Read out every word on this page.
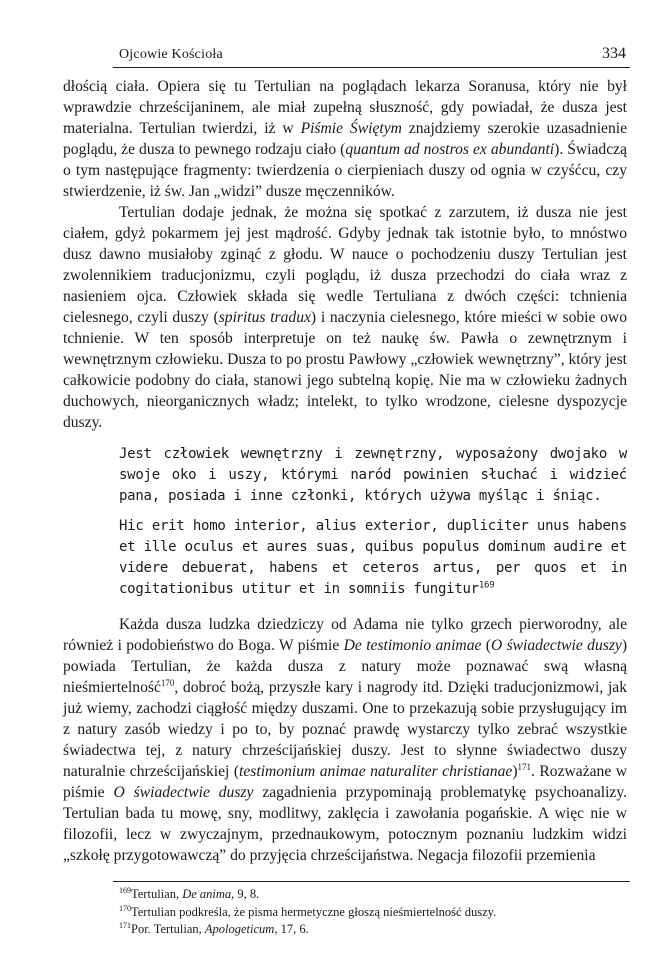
Ojcowie Kościoła	334

dłością ciała. Opiera się tu Tertulian na poglądach lekarza Soranusa, który nie był wprawdzie chrześcijaninem, ale miał zupełną słuszność, gdy powiadał, że dusza jest materialna. Tertulian twierdzi, iż w Piśmie Świętym znajdziemy szerokie uzasadnienie poglądu, że dusza to pewnego rodzaju ciało (quantum ad nostros ex abundanti). Świadczą o tym następujące fragmenty: twierdzenia o cierpieniach duszy od ognia w czyśćcu, czy stwierdzenie, iż św. Jan „widzi” dusze męczenników.

Tertulian dodaje jednak, że można się spotkać z zarzutem, iż dusza nie jest ciałem, gdyż pokarmem jej jest mądrość. Gdyby jednak tak istotnie było, to mnóstwo dusz dawno musiałoby zginąć z głodu. W nauce o pochodzeniu duszy Tertulian jest zwolennikiem traducjonizmu, czyli poglądu, iż dusza przechodzi do ciała wraz z nasieniem ojca. Człowiek składa się wedle Tertuliana z dwóch części: tchnienia cielesnego, czyli duszy (spiritus tradux) i naczynia cielesnego, które mieści w sobie owo tchnienie. W ten sposób interpretuje on też naukę św. Pawła o zewnętrznym i wewnętrznym człowieku. Dusza to po prostu Pawłowy „człowiek wewnętrzny”, który jest całkowicie podobny do ciała, stanowi jego subtelną kopię. Nie ma w człowieku żadnych duchowych, nieorganicznych władz; intelekt, to tylko wrodzone, cielesne dyspozycje duszy.

Jest człowiek wewnętrzny i zewnętrzny, wyposażony dwojako w swoje oko i uszy, którymi naród powinien słuchać i widzieć pana, posiada i inne członki, których używa myśląc i śniąc.

Hic erit homo interior, alius exterior, dupliciter unus habens et ille oculus et aures suas, quibus populus dominum audire et videre debuerat, habens et ceteros artus, per quos et in cogitationibus utitur et in somniis fungitur$^{169}$

Każda dusza ludzka dziedziczy od Adama nie tylko grzech pierworodny, ale również i podobieństwo do Boga. W piśmie De testimonio animae (O świadectwie duszy) powiada Tertulian, że każda dusza z natury może poznawać swą własną nieśmiertelność$^{170}$, dobroć bożą, przyszłe kary i nagrody itd. Dzięki traducjonizmowi, jak już wiemy, zachodzi ciągłość między duszami. One to przekazują sobie przysługujący im z natury zasób wiedzy i po to, by poznać prawdę wystarczy tylko zebrać wszystkie świadectwa tej, z natury chrześcijańskiej duszy. Jest to słynne świadectwo duszy naturalnie chrześcijańskiej (testimonium animae naturaliter christianae)$^{171}$. Rozważane w piśmie O świadectwie duszy zagadnienia przypominają problematykę psychoanalizy. Tertulian bada tu mowę, sny, modlitwy, zaklęcia i zawołania pogańskie. A więc nie w filozofii, lecz w zwyczajnym, przednaukowym, potocznym poznaniu ludzkim widzi „szkołę przygotowawczą” do przyjęcia chrześcijaństwa. Negacja filozofii przemienia

$^{169}$Tertulian, De anima, 9, 8.
$^{170}$Tertulian podkreśla, że pisma hermetyczne głoszą nieśmiertelność duszy.
$^{171}$Por. Tertulian, Apologeticum, 17, 6.
